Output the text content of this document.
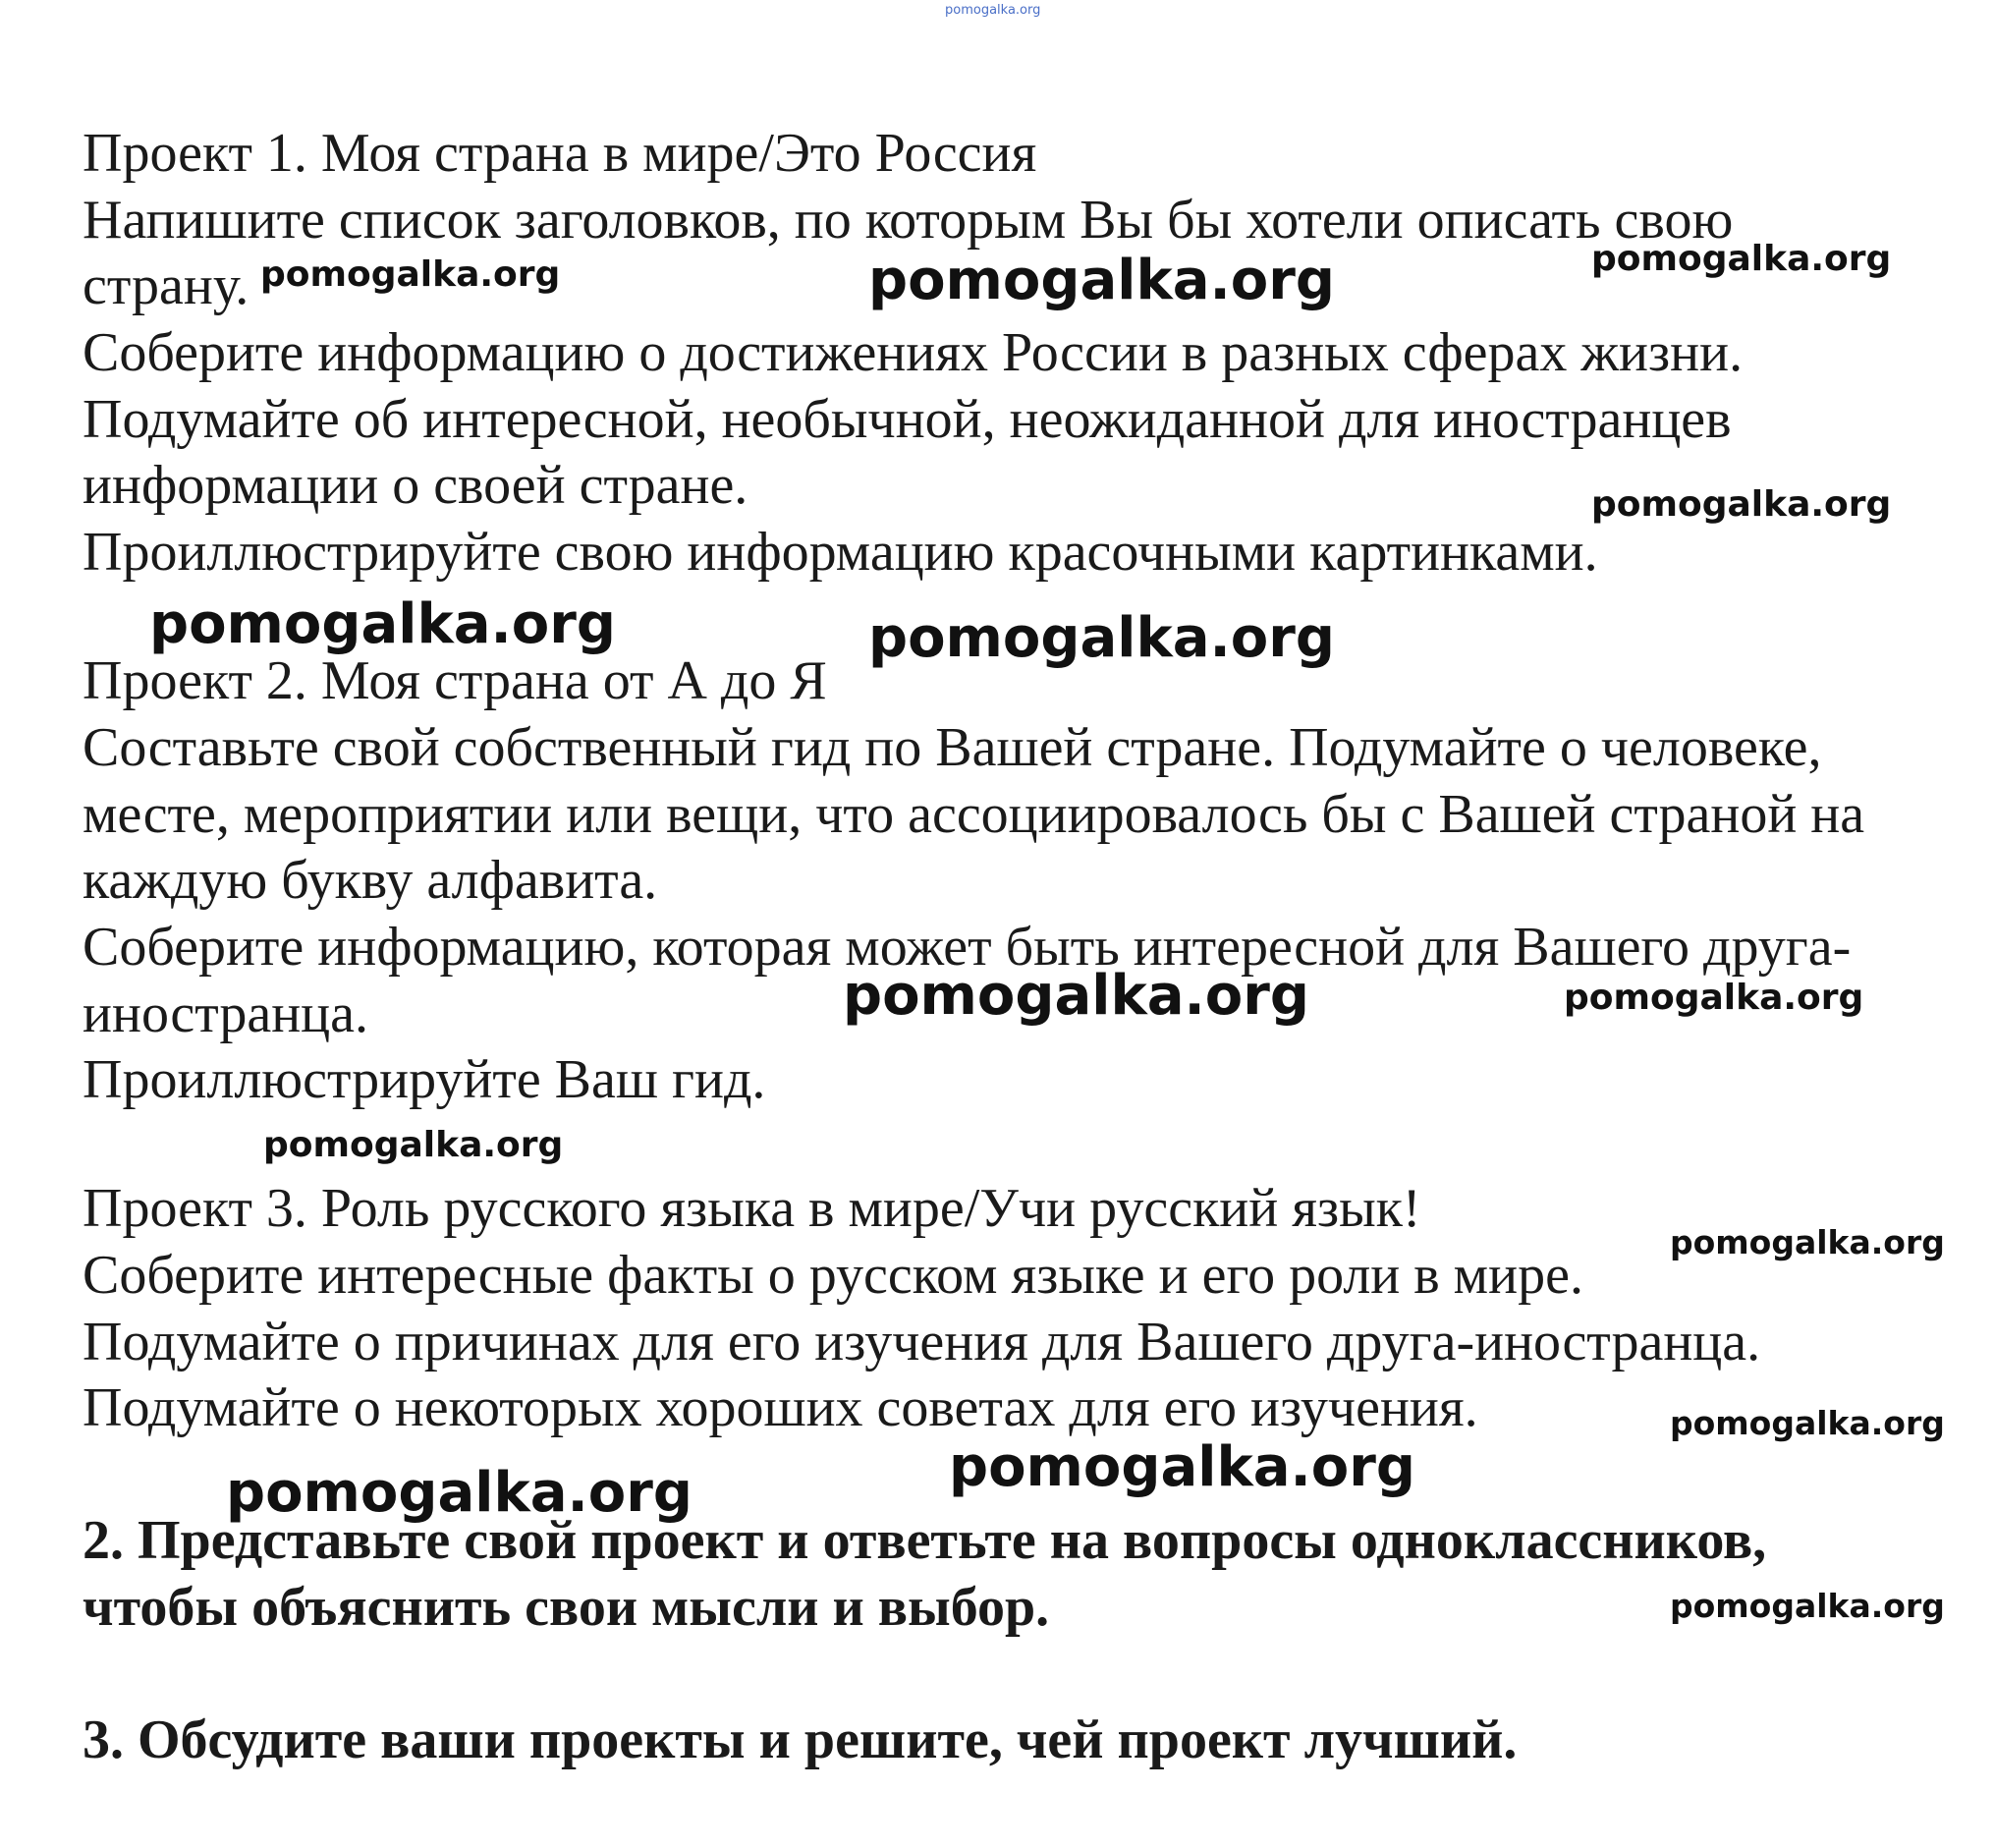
pomogalka.org
Проект 1. Моя страна в мире/Это Россия
Напишите список заголовков, по которым Вы бы хотели описать свою
страну.
Соберите информацию о достижениях России в разных сферах жизни.
Подумайте об интересной, необычной, неожиданной для иностранцев
информации о своей стране.
Проиллюстрируйте свою информацию красочными картинками.
Проект 2. Моя страна от А до Я
Составьте свой собственный гид по Вашей стране. Подумайте о человеке,
месте, мероприятии или вещи, что ассоциировалось бы с Вашей страной на
каждую букву алфавита.
Соберите информацию, которая может быть интересной для Вашего друга-
иностранца.
Проиллюстрируйте Ваш гид.
Проект 3. Роль русского языка в мире/Учи русский язык!
Соберите интересные факты о русском языке и его роли в мире.
Подумайте о причинах для его изучения для Вашего друга-иностранца.
Подумайте о некоторых хороших советах для его изучения.
2. Представьте свой проект и ответьте на вопросы одноклассников,
чтобы объяснить свои мысли и выбор.
3. Обсудите ваши проекты и решите, чей проект лучший.
pomogalka.org	pomogalka.org	pomogalka.org
pomogalka.org
pomogalka.org	pomogalka.org
pomogalka.org	pomogalka.org
pomogalka.org
pomogalka.org
pomogalka.org
pomogalka.org
pomogalka.org
pomogalka.org
